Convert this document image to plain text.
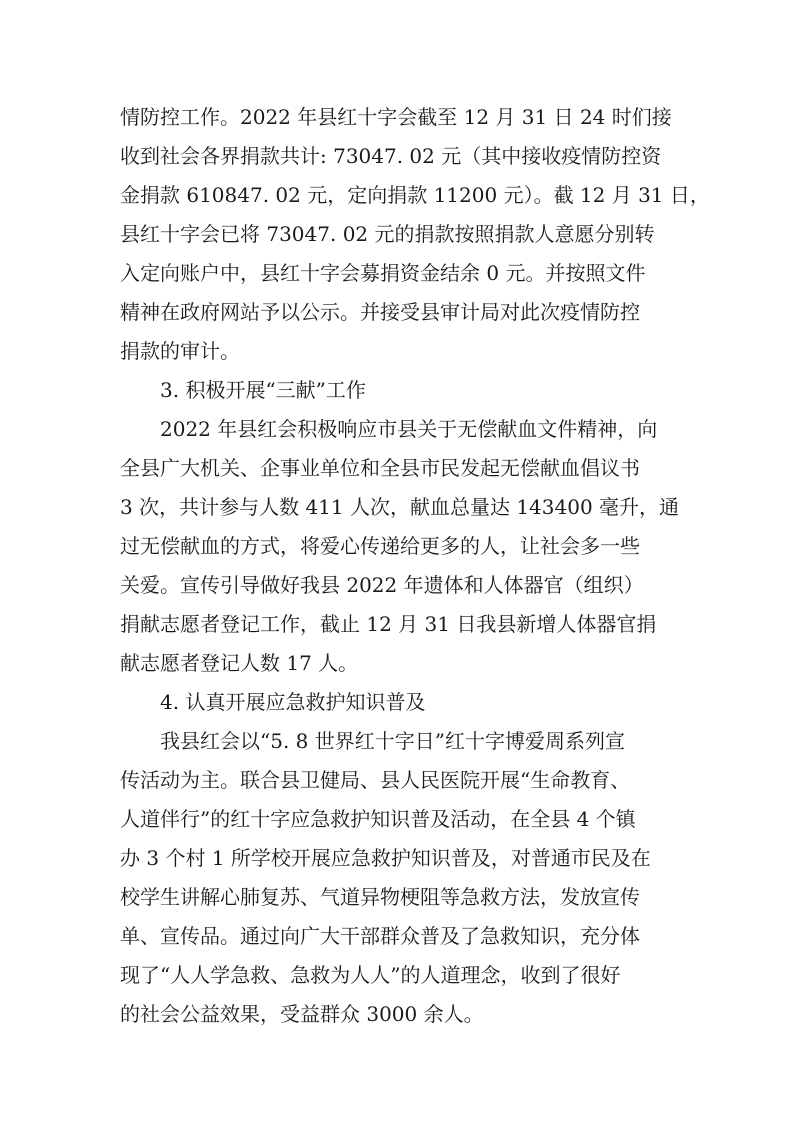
情防控工作。2022 年县红十字会截至 12 月 31 日 24 时们接
收到社会各界捐款共计: 73047. 02 元（其中接收疫情防控资
金捐款 610847. 02 元，定向捐款 11200 元）。截 12 月 31 日，
县红十字会已将 73047. 02 元的捐款按照捐款人意愿分别转
入定向账户中，县红十字会募捐资金结余 0 元。并按照文件
精神在政府网站予以公示。并接受县审计局对此次疫情防控
捐款的审计。
3. 积极开展“三献”工作
2022 年县红会积极响应市县关于无偿献血文件精神，向
全县广大机关、企事业单位和全县市民发起无偿献血倡议书
3 次，共计参与人数 411 人次，献血总量达 143400 毫升，通
过无偿献血的方式，将爱心传递给更多的人，让社会多一些
关爱。宣传引导做好我县 2022 年遗体和人体器官（组织）
捐献志愿者登记工作，截止 12 月 31 日我县新增人体器官捐
献志愿者登记人数 17 人。
4. 认真开展应急救护知识普及
我县红会以“5. 8 世界红十字日”红十字博爱周系列宣
传活动为主。联合县卫健局、县人民医院开展“生命教育、
人道伴行”的红十字应急救护知识普及活动，在全县 4 个镇
办 3 个村 1 所学校开展应急救护知识普及，对普通市民及在
校学生讲解心肺复苏、气道异物梗阻等急救方法，发放宣传
单、宣传品。通过向广大干部群众普及了急救知识，充分体
现了“人人学急救、急救为人人”的人道理念，收到了很好
的社会公益效果，受益群众 3000 余人。
